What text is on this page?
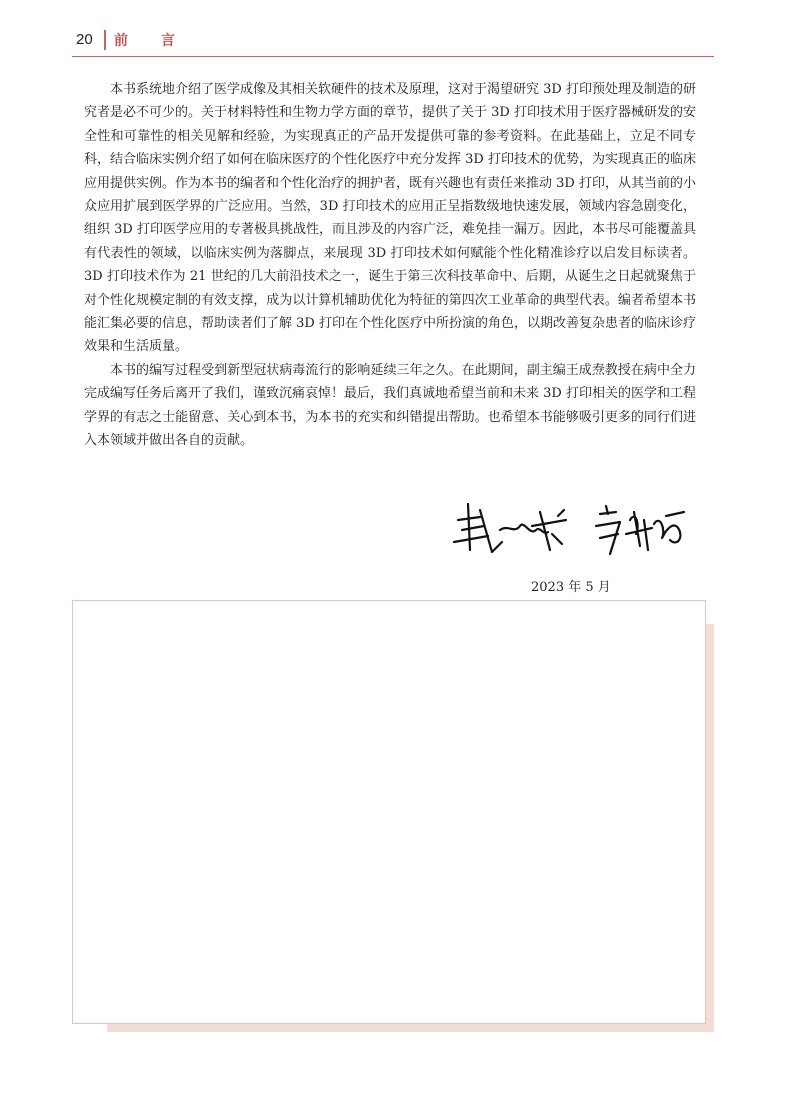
20 前 言

本书系统地介绍了医学成像及其相关软硬件的技术及原理，这对于渴望研究 3D 打印预处理及制造的研究者是必不可少的。关于材料特性和生物力学方面的章节，提供了关于 3D 打印技术用于医疗器械研发的安全性和可靠性的相关见解和经验，为实现真正的产品开发提供可靠的参考资料。在此基础上，立足不同专科，结合临床实例介绍了如何在临床医疗的个性化医疗中充分发挥 3D 打印技术的优势，为实现真正的临床应用提供实例。作为本书的编者和个性化治疗的拥护者，既有兴趣也有责任来推动 3D 打印，从其当前的小众应用扩展到医学界的广泛应用。当然，3D 打印技术的应用正呈指数级地快速发展，领域内容急剧变化，组织 3D 打印医学应用的专著极具挑战性，而且涉及的内容广泛，难免挂一漏万。因此，本书尽可能覆盖具有代表性的领域，以临床实例为落脚点，来展现 3D 打印技术如何赋能个性化精准诊疗以启发目标读者。3D 打印技术作为 21 世纪的几大前沿技术之一，诞生于第三次科技革命中、后期，从诞生之日起就聚焦于对个性化规模定制的有效支撑，成为以计算机辅助优化为特征的第四次工业革命的典型代表。编者希望本书能汇集必要的信息，帮助读者们了解 3D 打印在个性化医疗中所扮演的角色，以期改善复杂患者的临床诊疗效果和生活质量。

本书的编写过程受到新型冠状病毒流行的影响延续三年之久。在此期间，副主编王成焘教授在病中全力完成编写任务后离开了我们，谨致沉痛哀悼！最后，我们真诚地希望当前和未来 3D 打印相关的医学和工程学界的有志之士能留意、关心到本书，为本书的充实和纠错提出帮助。也希望本书能够吸引更多的同行们进入本领域并做出各自的贡献。

2023 年 5 月
